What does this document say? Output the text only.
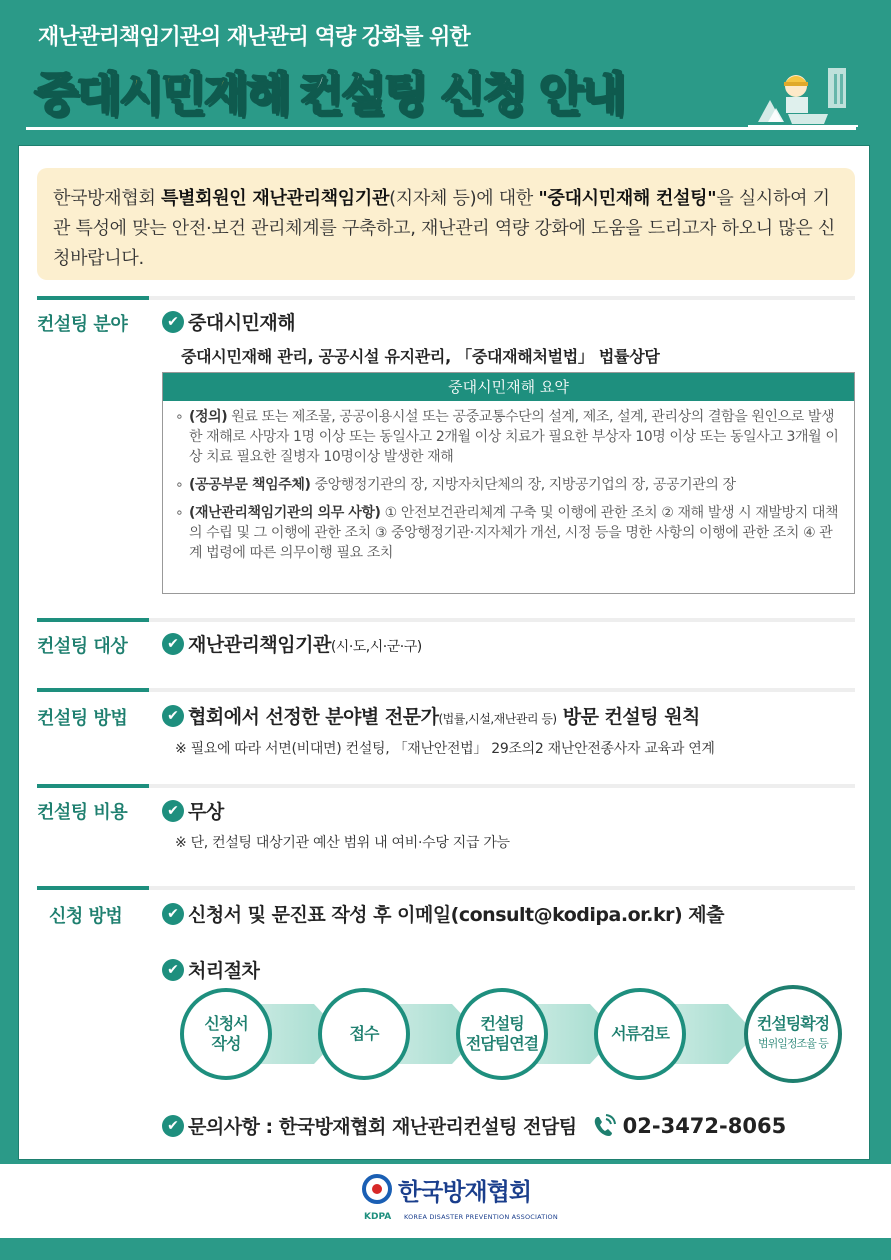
재난관리책임기관의 재난관리 역량 강화를 위한
중대시민재해 컨설팅 신청 안내
한국방재협회 특별회원인 재난관리책임기관(지자체 등)에 대한 "중대시민재해 컨설팅"을 실시하여 기관 특성에 맞는 안전·보건 관리체계를 구축하고, 재난관리 역량 강화에 도움을 드리고자 하오니 많은 신청바랍니다.
컨설팅 분야	✔ 중대시민재해
중대시민재해 관리, 공공시설 유지관리, 「중대재해처벌법」 법률상담
중대시민재해 요약
∘ (정의) 원료 또는 제조물, 공공이용시설 또는 공중교통수단의 설계, 제조, 설계, 관리상의 결함을 원인으로 발생한 재해로 사망자 1명 이상 또는 동일사고 2개월 이상 치료가 필요한 부상자 10명 이상 또는 동일사고 3개월 이상 치료 필요한 질병자 10명이상 발생한 재해
∘ (공공부문 책임주체) 중앙행정기관의 장, 지방자치단체의 장, 지방공기업의 장, 공공기관의 장
∘ (재난관리책임기관의 의무 사항) ① 안전보건관리체계 구축 및 이행에 관한 조치 ② 재해 발생 시 재발방지 대책의 수립 및 그 이행에 관한 조치 ③ 중앙행정기관·지자체가 개선, 시정 등을 명한 사항의 이행에 관한 조치 ④ 관계 법령에 따른 의무이행 필요 조치
컨설팅 대상	✔ 재난관리책임기관(시·도,시·군·구)
컨설팅 방법	✔ 협회에서 선정한 분야별 전문가(법률,시설,재난관리 등) 방문 컨설팅 원칙
※ 필요에 따라 서면(비대면) 컨설팅, 「재난안전법」 29조의2 재난안전종사자 교육과 연계
컨설팅 비용	✔ 무상
※ 단, 컨설팅 대상기관 예산 범위 내 여비·수당 지급 가능
신청 방법	✔ 신청서 및 문진표 작성 후 이메일(consult@kodipa.or.kr) 제출
✔ 처리절차
신청서
작성
접수
컨설팅
전담팀연결
서류검토
컨설팅확정
범위일정조율 등
✔ 문의사항 : 한국방재협회 재난관리컨설팅 전담팀 02-3472-8065
한국방재협회
KDPA KOREA DISASTER PREVENTION ASSOCIATION
